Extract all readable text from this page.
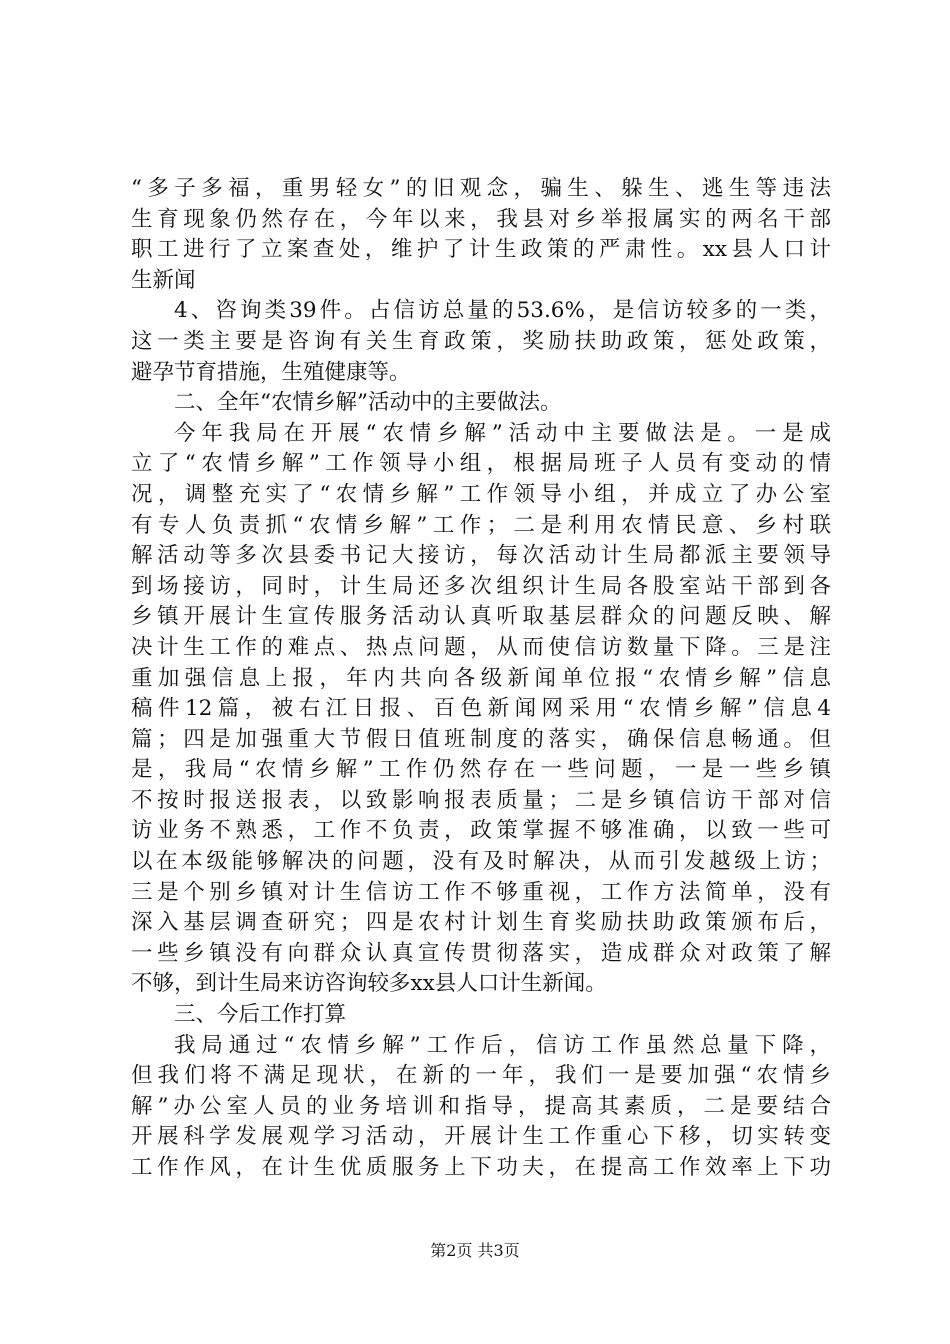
“多子多福，重男轻女”的旧观念，骗生、躲生、逃生等违法
生育现象仍然存在，今年以来，我县对乡举报属实的两名干部
职工进行了立案查处，维护了计生政策的严肃性。xx县人口计
生新闻
4、咨询类39件。占信访总量的53.6%，是信访较多的一类，
这一类主要是咨询有关生育政策，奖励扶助政策，惩处政策，
避孕节育措施，生殖健康等。
二、全年“农情乡解”活动中的主要做法。
今年我局在开展“农情乡解”活动中主要做法是。一是成
立了“农情乡解”工作领导小组，根据局班子人员有变动的情
况，调整充实了“农情乡解”工作领导小组，并成立了办公室
有专人负责抓“农情乡解”工作；二是利用农情民意、乡村联
解活动等多次县委书记大接访，每次活动计生局都派主要领导
到场接访，同时，计生局还多次组织计生局各股室站干部到各
乡镇开展计生宣传服务活动认真听取基层群众的问题反映、解
决计生工作的难点、热点问题，从而使信访数量下降。三是注
重加强信息上报，年内共向各级新闻单位报“农情乡解”信息
稿件12篇，被右江日报、百色新闻网采用“农情乡解”信息4
篇；四是加强重大节假日值班制度的落实，确保信息畅通。但
是，我局“农情乡解”工作仍然存在一些问题，一是一些乡镇
不按时报送报表，以致影响报表质量；二是乡镇信访干部对信
访业务不熟悉，工作不负责，政策掌握不够准确，以致一些可
以在本级能够解决的问题，没有及时解决，从而引发越级上访；
三是个别乡镇对计生信访工作不够重视，工作方法简单，没有
深入基层调查研究；四是农村计划生育奖励扶助政策颁布后，
一些乡镇没有向群众认真宣传贯彻落实，造成群众对政策了解
不够，到计生局来访咨询较多xx县人口计生新闻。
三、今后工作打算
我局通过“农情乡解”工作后，信访工作虽然总量下降，
但我们将不满足现状，在新的一年，我们一是要加强“农情乡
解”办公室人员的业务培训和指导，提高其素质，二是要结合
开展科学发展观学习活动，开展计生工作重心下移，切实转变
工作作风，在计生优质服务上下功夫，在提高工作效率上下功
第2页 共3页
